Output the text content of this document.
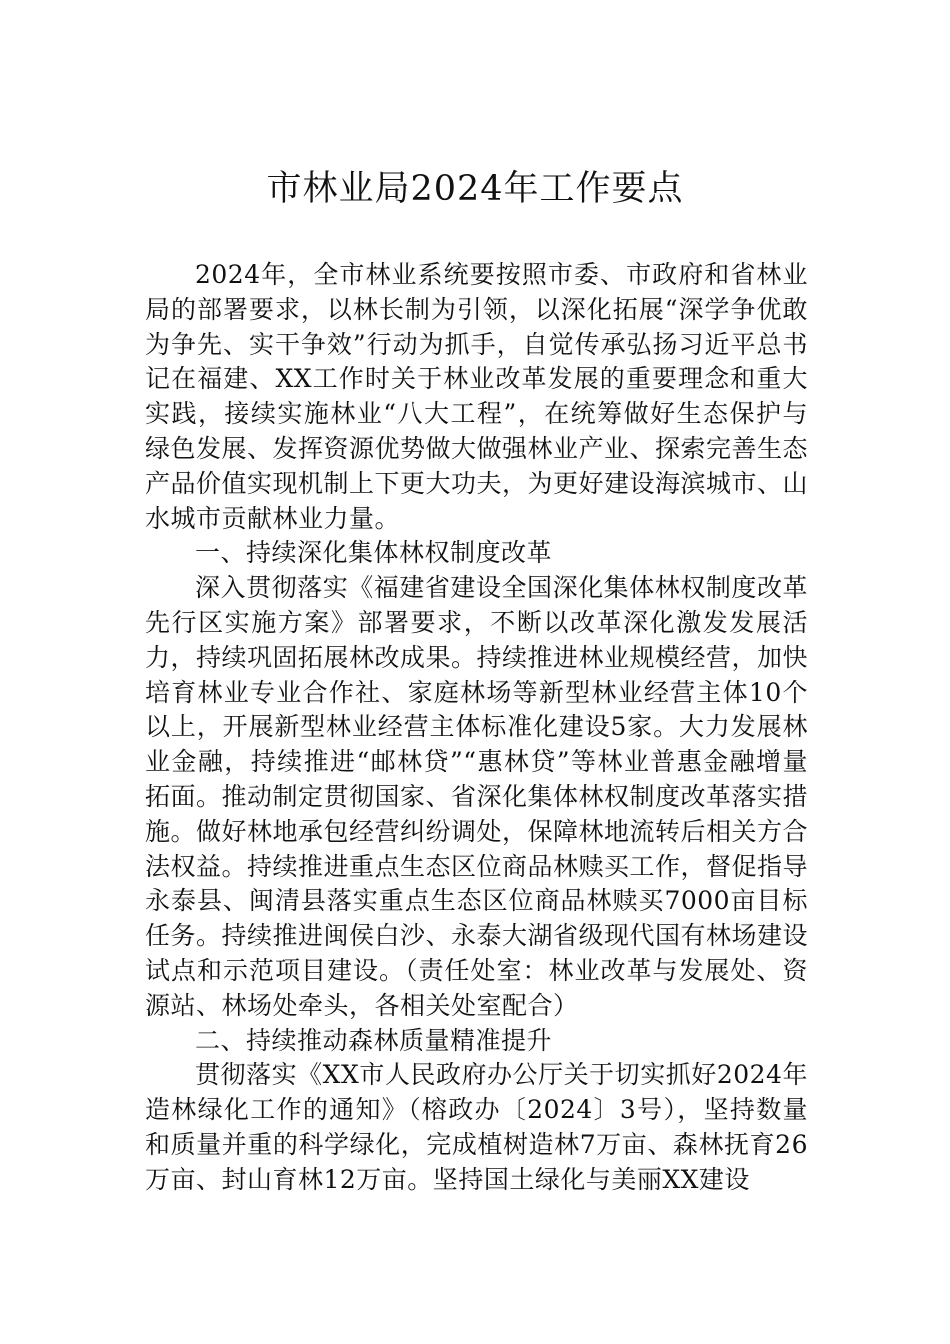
市林业局2024年工作要点

2024年，全市林业系统要按照市委、市政府和省林业局的部署要求，以林长制为引领，以深化拓展“深学争优敢为争先、实干争效”行动为抓手，自觉传承弘扬习近平总书记在福建、XX工作时关于林业改革发展的重要理念和重大实践，接续实施林业“八大工程”，在统筹做好生态保护与绿色发展、发挥资源优势做大做强林业产业、探索完善生态产品价值实现机制上下更大功夫，为更好建设海滨城市、山水城市贡献林业力量。

一、持续深化集体林权制度改革

深入贯彻落实《福建省建设全国深化集体林权制度改革先行区实施方案》部署要求，不断以改革深化激发发展活力，持续巩固拓展林改成果。持续推进林业规模经营，加快培育林业专业合作社、家庭林场等新型林业经营主体10个以上，开展新型林业经营主体标准化建设5家。大力发展林业金融，持续推进“邮林贷”“惠林贷”等林业普惠金融增量拓面。推动制定贯彻国家、省深化集体林权制度改革落实措施。做好林地承包经营纠纷调处，保障林地流转后相关方合法权益。持续推进重点生态区位商品林赎买工作，督促指导永泰县、闽清县落实重点生态区位商品林赎买7000亩目标任务。持续推进闽侯白沙、永泰大湖省级现代国有林场建设试点和示范项目建设。（责任处室：林业改革与发展处、资源站、林场处牵头，各相关处室配合）

二、持续推动森林质量精准提升

贯彻落实《XX市人民政府办公厅关于切实抓好2024年造林绿化工作的通知》（榕政办〔2024〕3号），坚持数量和质量并重的科学绿化，完成植树造林7万亩、森林抚育26万亩、封山育林12万亩。坚持国土绿化与美丽XX建设
